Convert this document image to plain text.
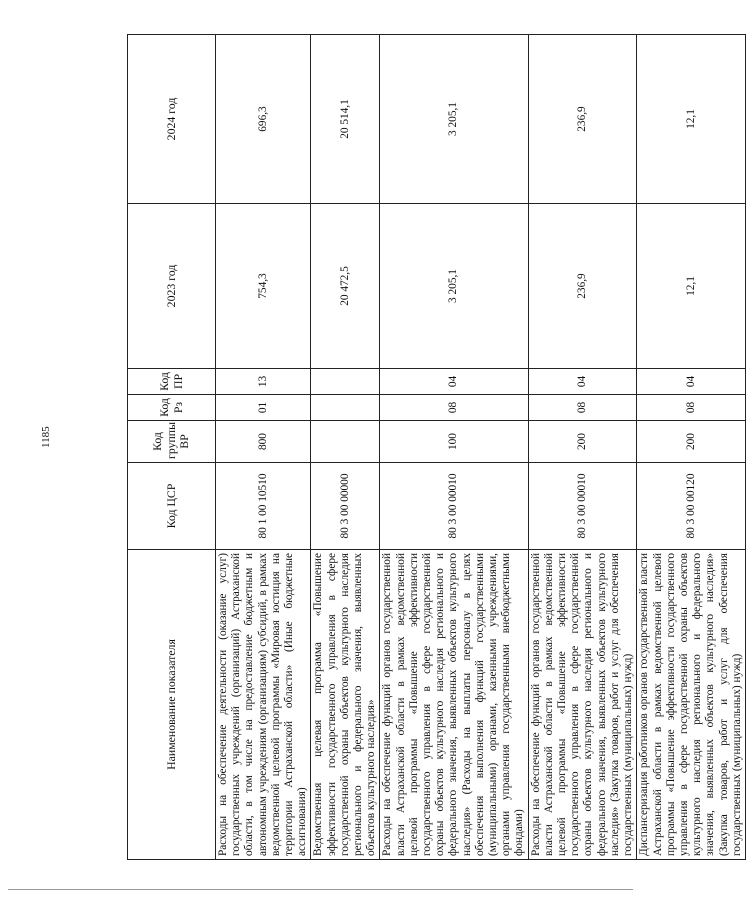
1185
Наименование показателя	Код ЦСР	Код группы ВР	Код Рз	Код ПР	2023 год	2024 год
Расходы на обеспечение деятельности (оказание услуг) государственных учреждений (организаций) Астраханской области, в том числе на предоставление бюджетным и автономным учреждениям (организациям) субсидий, в рамках ведомственной целевой программы «Мировая юстиция на территории Астраханской области» (Иные бюджетные ассигнования)	80 1 00 10510	800	01	13	754,3	696,3
Ведомственная целевая программа «Повышение эффективности государственного управления в сфере государственной охраны объектов культурного наследия регионального и федерального значения, выявленных объектов культурного наследия»	80 3 00 00000				20 472,5	20 514,1
Расходы на обеспечение функций органов государственной власти Астраханской области в рамках ведомственной целевой программы «Повышение эффективности государственного управления в сфере государственной охраны объектов культурного наследия регионального и федерального значения, выявленных объектов культурного наследия» (Расходы на выплаты персоналу в целях обеспечения выполнения функций государственными (муниципальными) органами, казенными учреждениями, органами управления государственными внебюджетными фондами)	80 3 00 00010	100	08	04	3 205,1	3 205,1
Расходы на обеспечение функций органов государственной власти Астраханской области в рамках ведомственной целевой программы «Повышение эффективности государственного управления в сфере государственной охраны объектов культурного наследия регионального и федерального значения, выявленных объектов культурного наследия» (Закупка товаров, работ и услуг для обеспечения государственных (муниципальных) нужд)	80 3 00 00010	200	08	04	236,9	236,9
Диспансеризация работников органов государственной власти Астраханской области в рамках ведомственной целевой программы «Повышение эффективности государственного управления в сфере государственной охраны объектов культурного наследия регионального и федерального значения, выявленных объектов культурного наследия» (Закупка товаров, работ и услуг для обеспечения государственных (муниципальных) нужд)	80 3 00 00120	200	08	04	12,1	12,1
